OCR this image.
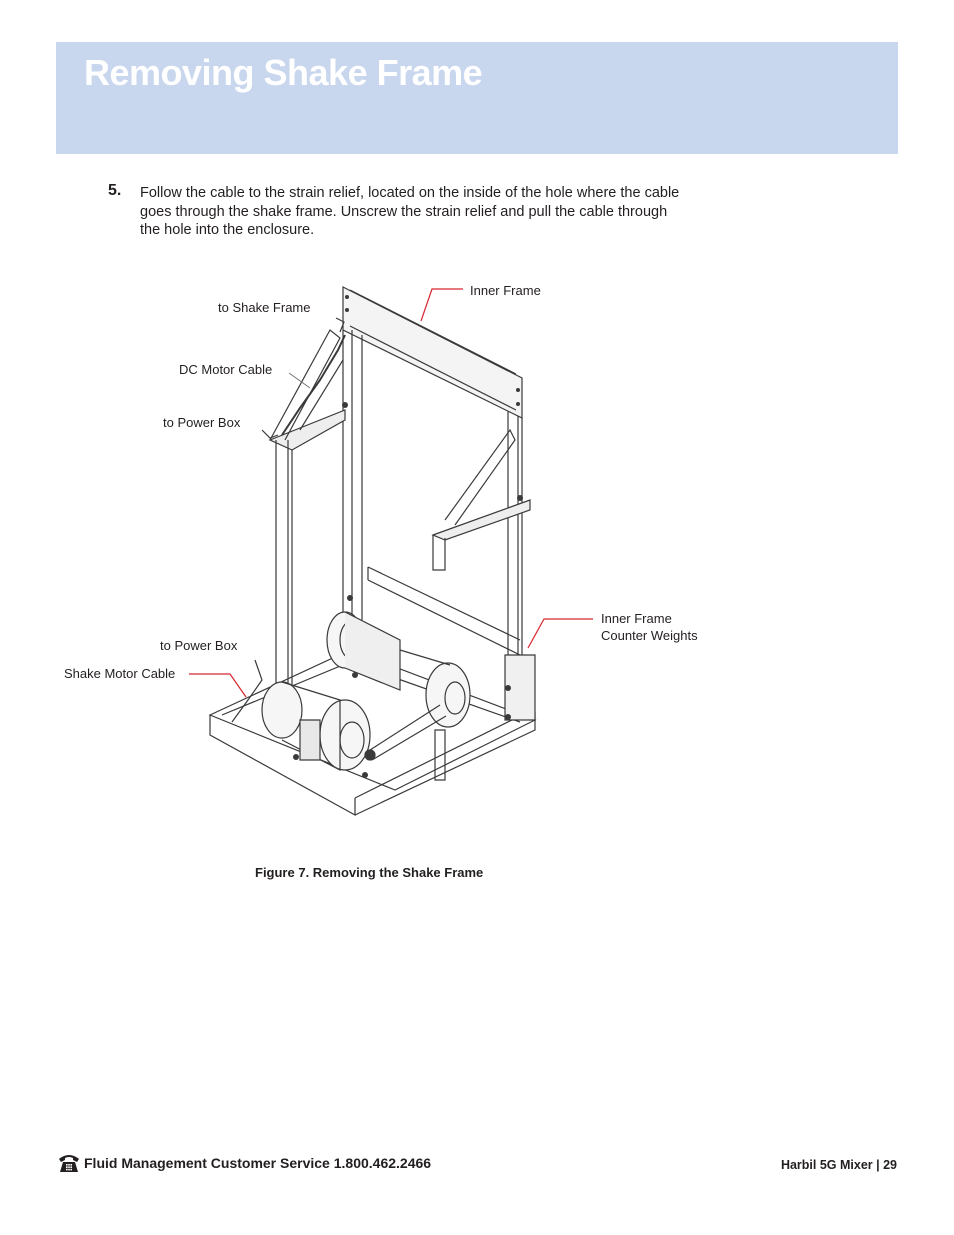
Removing Shake Frame
5. Follow the cable to the strain relief, located on the inside of the hole where the cable goes through the shake frame. Unscrew the strain relief and pull the cable through the hole into the enclosure.
Inner Frame
to Shake Frame
DC Motor Cable
to Power Box
Inner Frame
Counter Weights
to Power Box
Shake Motor Cable
Figure 7. Removing the Shake Frame
Fluid Management Customer Service 1.800.462.2466	Harbil 5G Mixer | 29
